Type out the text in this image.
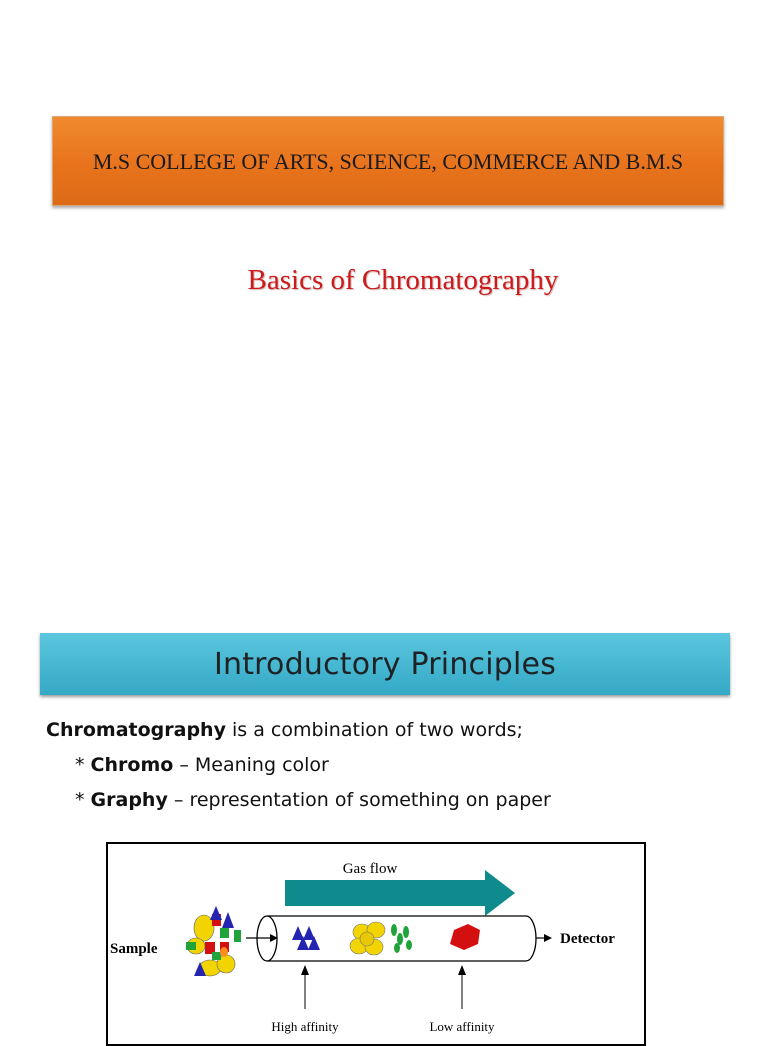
M.S COLLEGE OF ARTS, SCIENCE, COMMERCE AND B.M.S
Basics of Chromatography
Introductory Principles
Chromatography is a combination of two words;
* Chromo – Meaning color
* Graphy – representation of something on paper
Gas flow
Sample
Detector
High affinity	Low affinity
